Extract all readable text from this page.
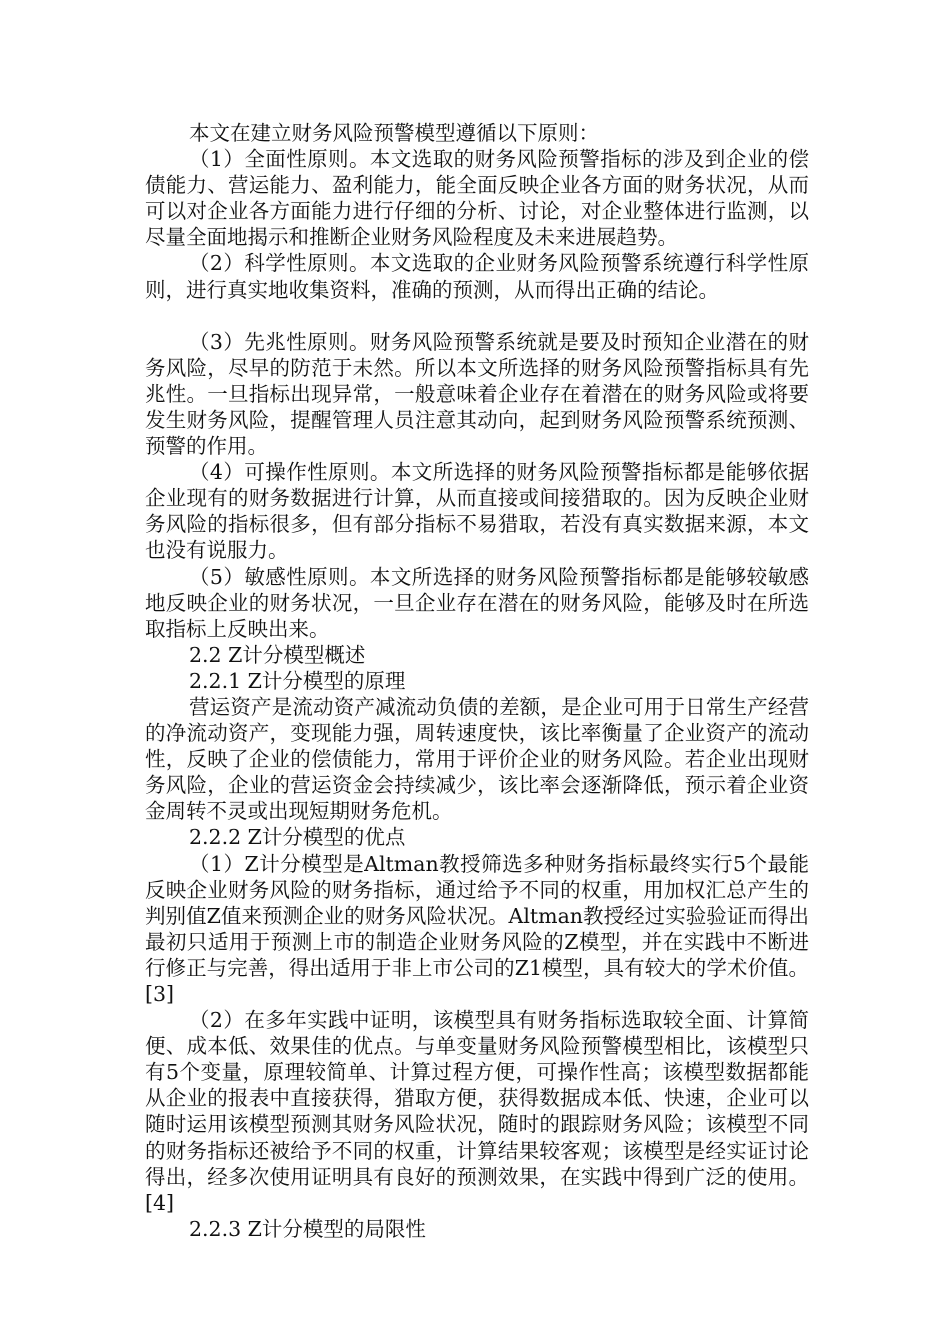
本文在建立财务风险预警模型遵循以下原则：

（1）全面性原则。本文选取的财务风险预警指标的涉及到企业的偿债能力、营运能力、盈利能力，能全面反映企业各方面的财务状况，从而可以对企业各方面能力进行仔细的分析、讨论，对企业整体进行监测，以尽量全面地揭示和推断企业财务风险程度及未来进展趋势。

（2）科学性原则。本文选取的企业财务风险预警系统遵行科学性原则，进行真实地收集资料，准确的预测，从而得出正确的结论。

（3）先兆性原则。财务风险预警系统就是要及时预知企业潜在的财务风险，尽早的防范于未然。所以本文所选择的财务风险预警指标具有先兆性。一旦指标出现异常，一般意味着企业存在着潜在的财务风险或将要发生财务风险，提醒管理人员注意其动向，起到财务风险预警系统预测、预警的作用。

（4）可操作性原则。本文所选择的财务风险预警指标都是能够依据企业现有的财务数据进行计算，从而直接或间接猎取的。因为反映企业财务风险的指标很多，但有部分指标不易猎取，若没有真实数据来源，本文也没有说服力。

（5）敏感性原则。本文所选择的财务风险预警指标都是能够较敏感地反映企业的财务状况，一旦企业存在潜在的财务风险，能够及时在所选取指标上反映出来。

2.2 Z计分模型概述

2.2.1 Z计分模型的原理

营运资产是流动资产减流动负债的差额，是企业可用于日常生产经营的净流动资产，变现能力强，周转速度快，该比率衡量了企业资产的流动性，反映了企业的偿债能力，常用于评价企业的财务风险。若企业出现财务风险，企业的营运资金会持续减少，该比率会逐渐降低，预示着企业资金周转不灵或出现短期财务危机。

2.2.2 Z计分模型的优点

（1）Z计分模型是Altman教授筛选多种财务指标最终实行5个最能反映企业财务风险的财务指标，通过给予不同的权重，用加权汇总产生的判别值Z值来预测企业的财务风险状况。Altman教授经过实验验证而得出最初只适用于预测上市的制造企业财务风险的Z模型，并在实践中不断进行修正与完善，得出适用于非上市公司的Z1模型，具有较大的学术价值。[3]

（2）在多年实践中证明，该模型具有财务指标选取较全面、计算简便、成本低、效果佳的优点。与单变量财务风险预警模型相比，该模型只有5个变量，原理较简单、计算过程方便，可操作性高；该模型数据都能从企业的报表中直接获得，猎取方便，获得数据成本低、快速，企业可以随时运用该模型预测其财务风险状况，随时的跟踪财务风险；该模型不同的财务指标还被给予不同的权重，计算结果较客观；该模型是经实证讨论得出，经多次使用证明具有良好的预测效果，在实践中得到广泛的使用。[4]

2.2.3 Z计分模型的局限性
